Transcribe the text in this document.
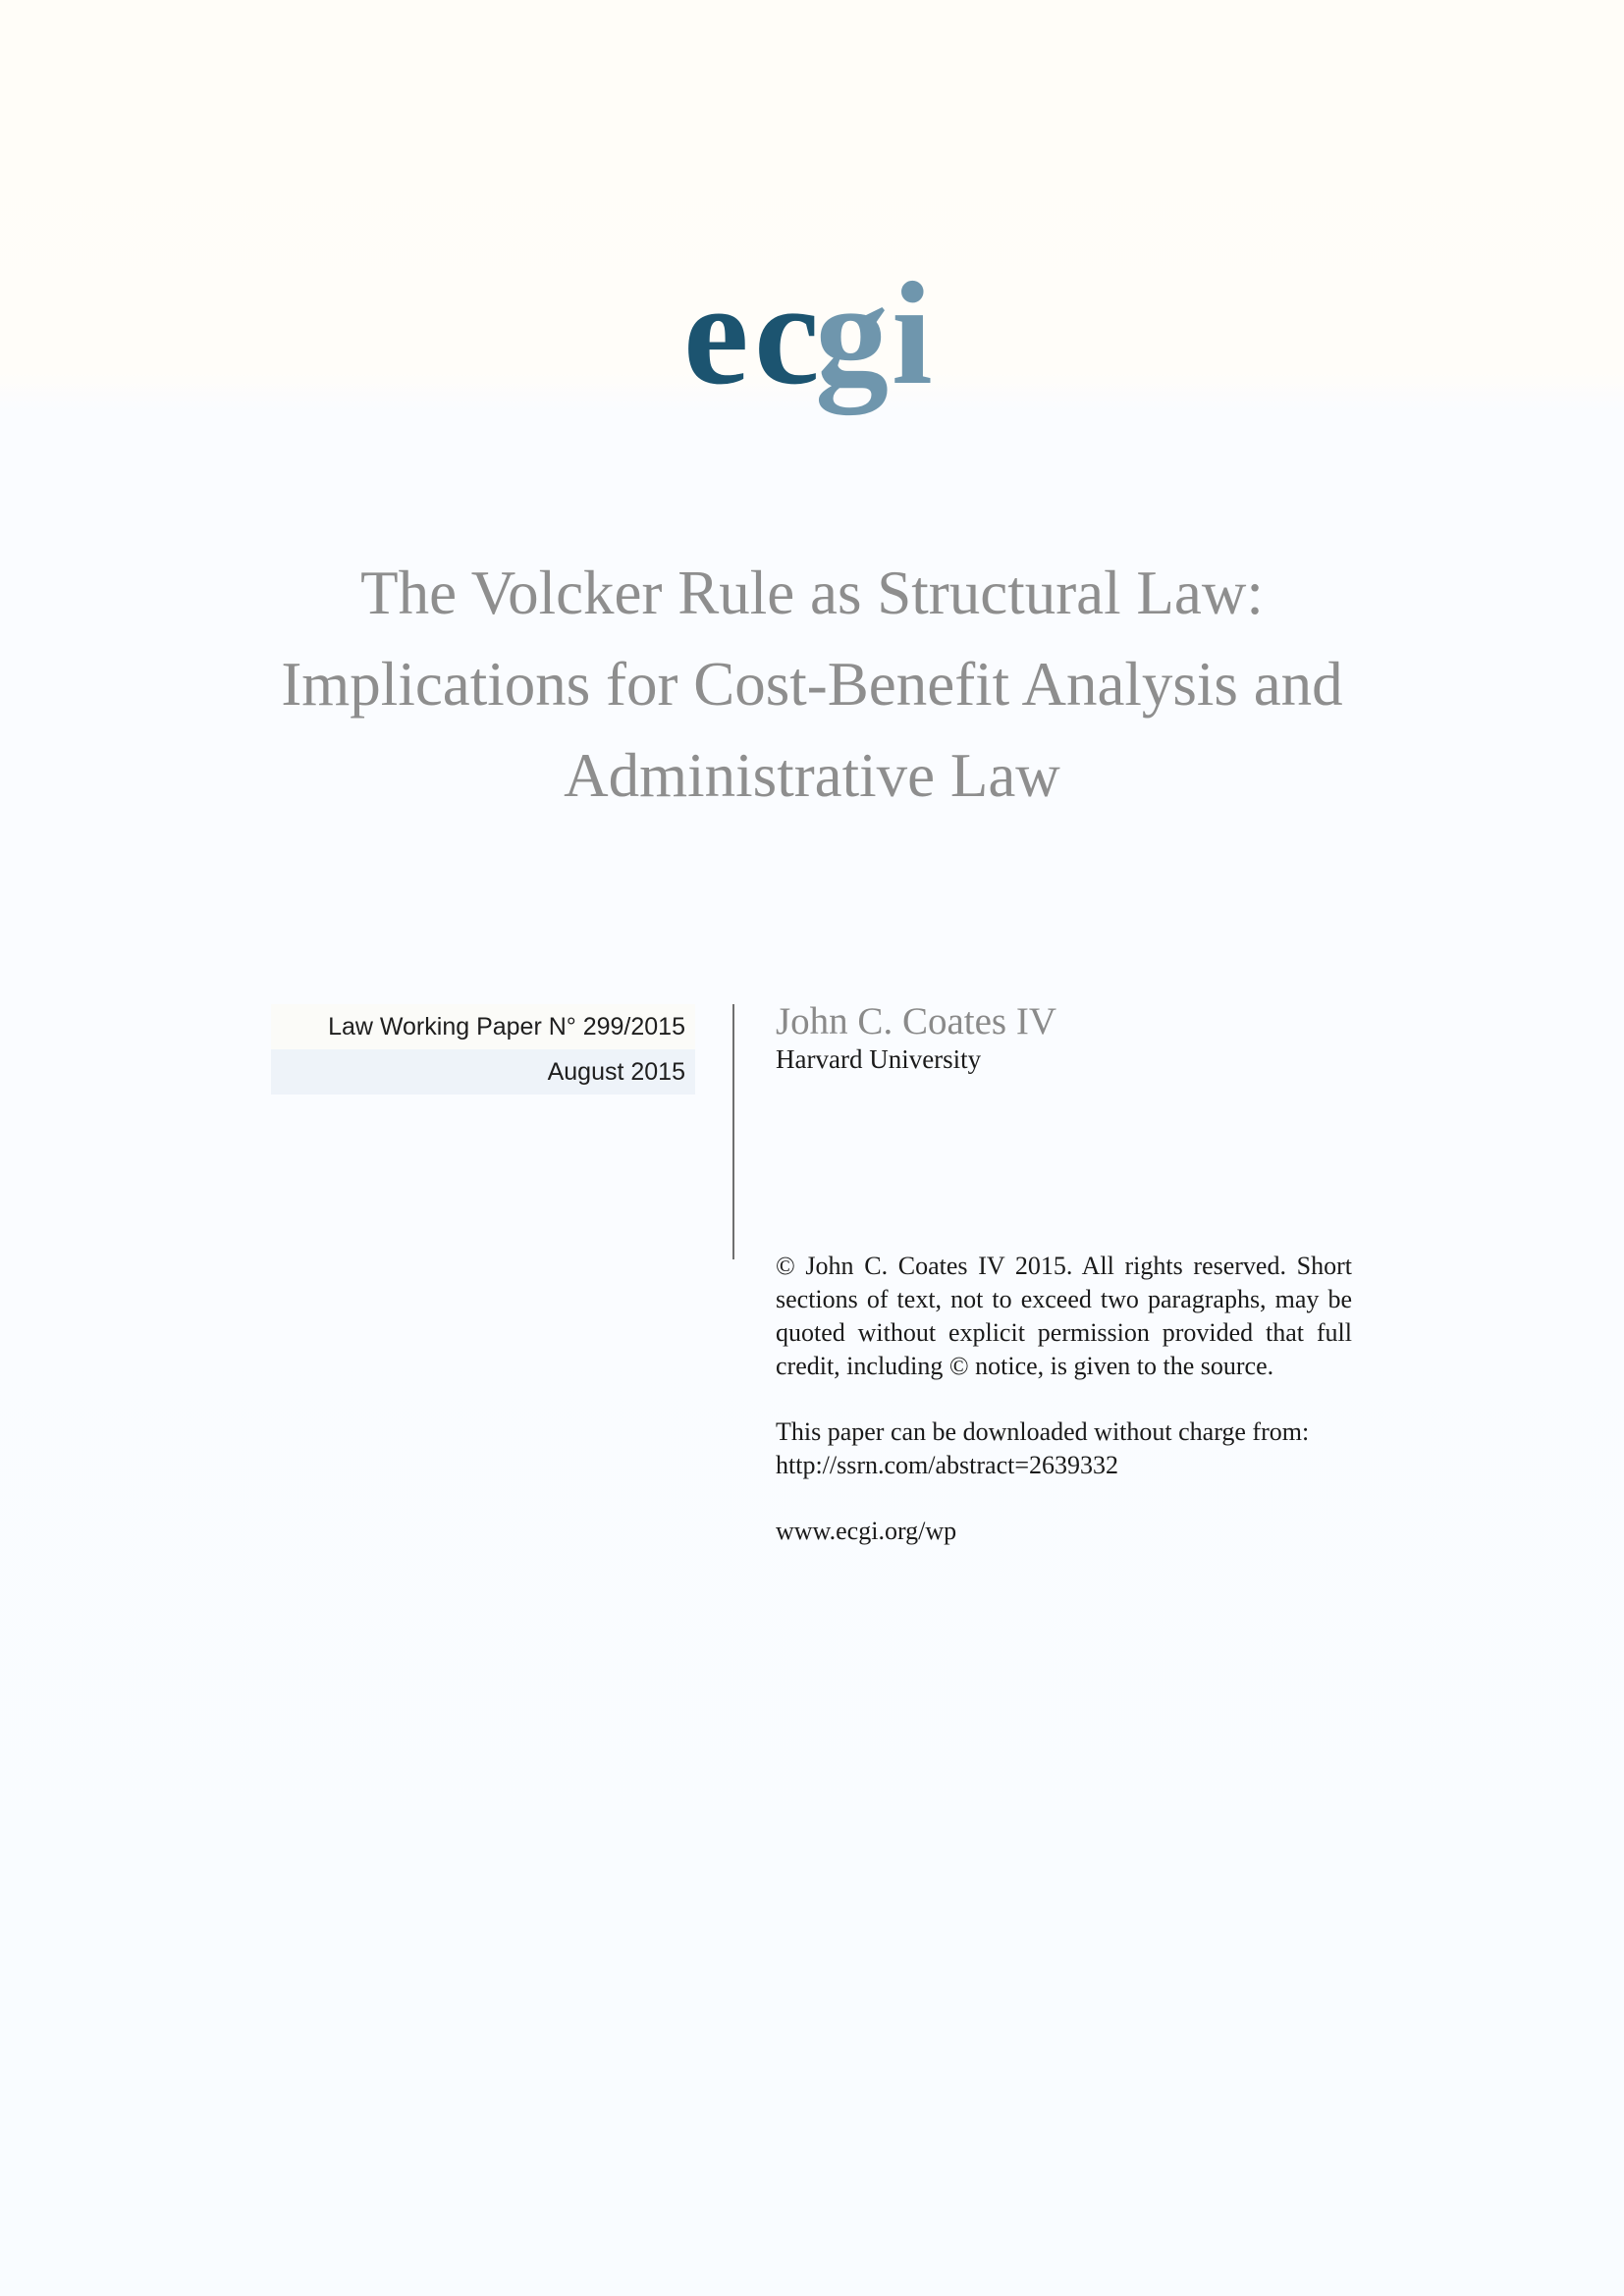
e c
g i
The Volcker Rule as Structural Law:
Implications for Cost-Benefit Analysis and
Administrative Law
Law Working Paper N° 299/2015
August 2015
John C. Coates IV
Harvard University

© John C. Coates IV 2015. All rights reserved. Short sections of text, not to exceed two paragraphs, may be quoted without explicit permission provided that full credit, including © notice, is given to the source.

This paper can be downloaded without charge from:
http://ssrn.com/abstract=2639332

www.ecgi.org/wp
